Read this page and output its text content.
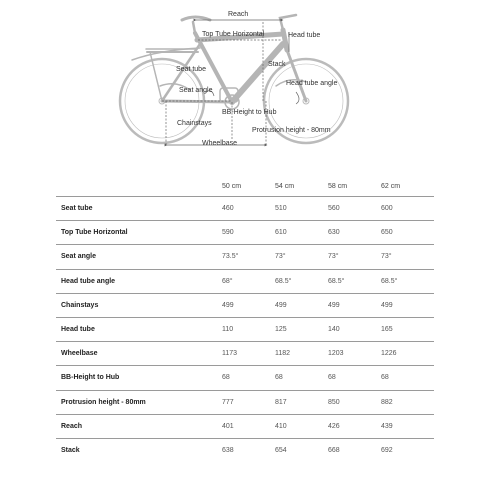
Reach
Top Tube Horizontal	Head tube
Stack
Seat tube
Head tube angle
Seat angle
BB-Height to Hub
Chainstays
Protrusion height - 80mm
Wheelbase
	50 cm	54 cm	58 cm	62 cm
Seat tube	460	510	560	600
Top Tube Horizontal	590	610	630	650
Seat angle	73.5°	73°	73°	73°
Head tube angle	68°	68.5°	68.5°	68.5°
Chainstays	499	499	499	499
Head tube	110	125	140	165
Wheelbase	1173	1182	1203	1226
BB-Height to Hub	68	68	68	68
Protrusion height - 80mm	777	817	850	882
Reach	401	410	426	439
Stack	638	654	668	692
